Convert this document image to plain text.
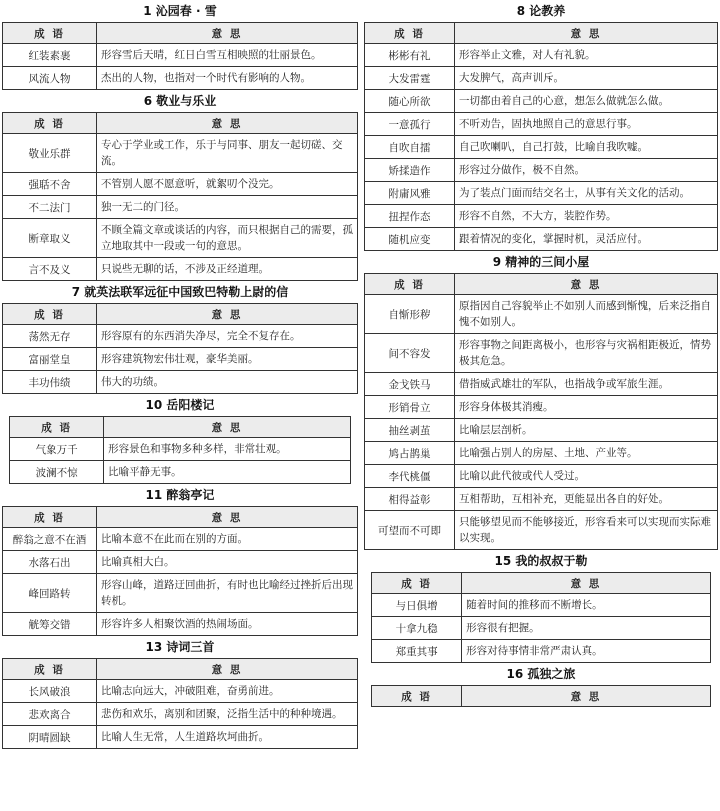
1 沁园春 · 雪
成 语	意 思
红装素裹	形容雪后天晴，红日白雪互相映照的壮丽景色。
风流人物	杰出的人物，也指对一个时代有影响的人物。
6 敬业与乐业
成 语	意 思
敬业乐群	专心于学业或工作，乐于与同事、朋友一起切磋、交流。
强聒不舍	不管别人愿不愿意听，就絮叨个没完。
不二法门	独一无二的门径。
断章取义	不顾全篇文章或谈话的内容，而只根据自己的需要，孤立地取其中一段或一句的意思。
言不及义	只说些无聊的话，不涉及正经道理。
7 就英法联军远征中国致巴特勒上尉的信
成 语	意 思
荡然无存	形容原有的东西消失净尽，完全不复存在。
富丽堂皇	形容建筑物宏伟壮观，豪华美丽。
丰功伟绩	伟大的功绩。
10 岳阳楼记
成 语	意 思
气象万千	形容景色和事物多种多样，非常壮观。
波澜不惊	比喻平静无事。
11 醉翁亭记
成 语	意 思
醉翁之意不在酒	比喻本意不在此而在别的方面。
水落石出	比喻真相大白。
峰回路转	形容山峰，道路迂回曲折，有时也比喻经过挫折后出现转机。
觥筹交错	形容许多人相聚饮酒的热闹场面。
13 诗词三首
成 语	意 思
长风破浪	比喻志向远大，冲破阻难，奋勇前进。
悲欢离合	悲伤和欢乐，离别和团聚，泛指生活中的种种境遇。
阴晴圆缺	比喻人生无常，人生道路坎坷曲折。
8 论教养
成 语	意 思
彬彬有礼	形容举止文雅，对人有礼貌。
大发雷霆	大发脾气，高声训斥。
随心所欲	一切都由着自己的心意，想怎么做就怎么做。
一意孤行	不听劝告，固执地照自己的意思行事。
自吹自擂	自己吹喇叭，自己打鼓，比喻自我吹嘘。
矫揉造作	形容过分做作，极不自然。
附庸风雅	为了装点门面而结交名士，从事有关文化的活动。
扭捏作态	形容不自然，不大方，装腔作势。
随机应变	跟着情况的变化，掌握时机，灵活应付。
9 精神的三间小屋
成 语	意 思
自惭形秽	原指因自己容貌举止不如别人而感到惭愧，后来泛指自愧不如别人。
间不容发	形容事物之间距离极小，也形容与灾祸相距极近，情势极其危急。
金戈铁马	借指威武雄壮的军队，也指战争或军旅生涯。
形销骨立	形容身体极其消瘦。
抽丝剥茧	比喻层层剖析。
鸠占鹊巢	比喻强占别人的房屋、土地、产业等。
李代桃僵	比喻以此代彼或代人受过。
相得益彰	互相帮助，互相补充，更能显出各自的好处。
可望而不可即	只能够望见而不能够接近，形容看来可以实现而实际难以实现。
15 我的叔叔于勒
成 语	意 思
与日俱增	随着时间的推移而不断增长。
十拿九稳	形容很有把握。
郑重其事	形容对待事情非常严肃认真。
16 孤独之旅
成 语	意 思
